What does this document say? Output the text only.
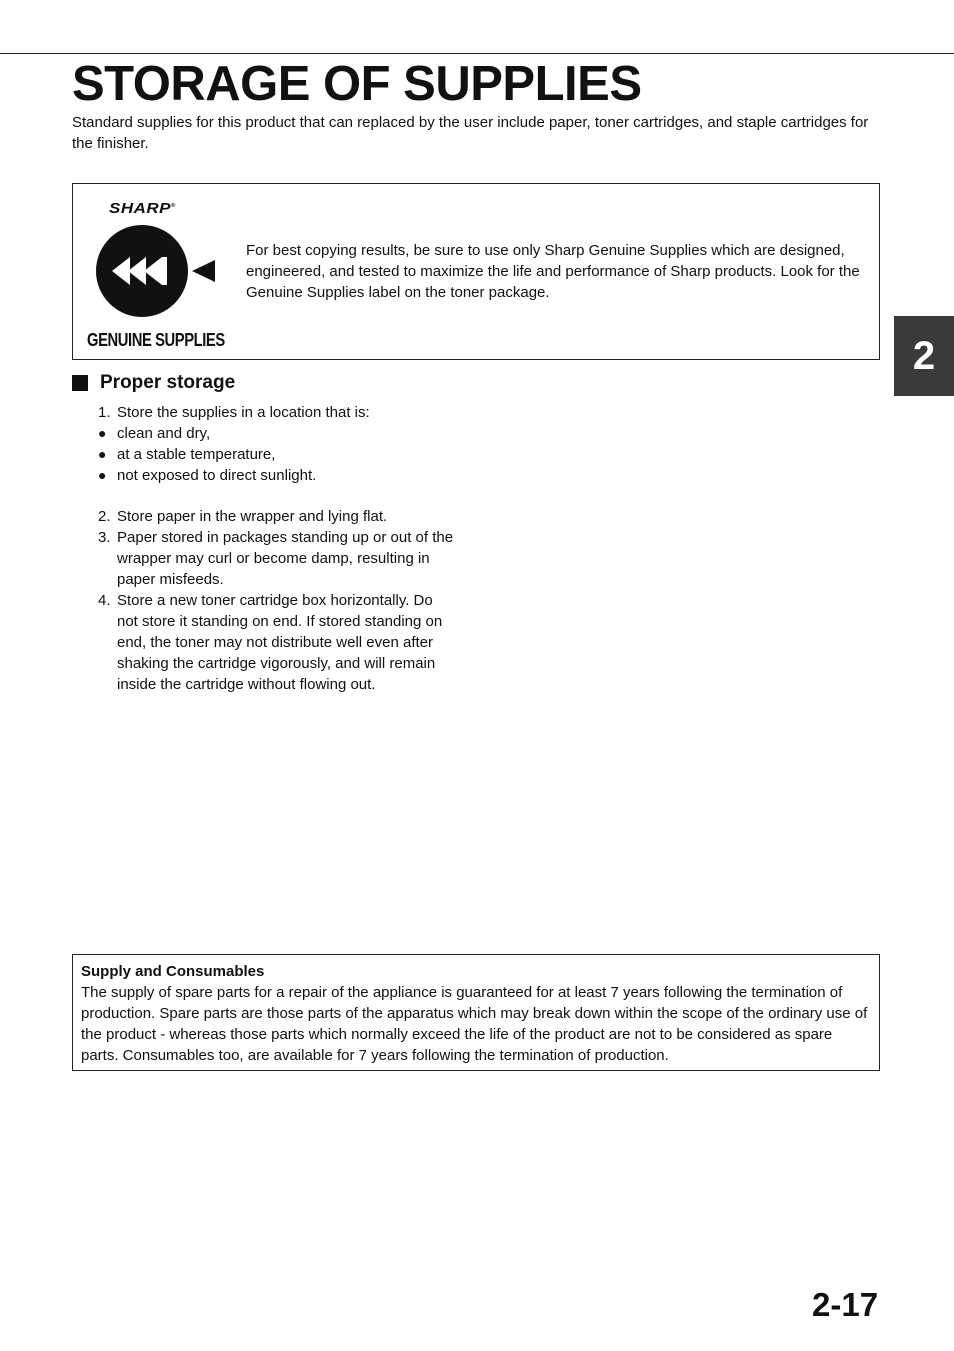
STORAGE OF SUPPLIES

Standard supplies for this product that can replaced by the user include paper, toner cartridges, and staple cartridges for the finisher.

SHARP®
GENUINE SUPPLIES

For best copying results, be sure to use only Sharp Genuine Supplies which are designed, engineered, and tested to maximize the life and performance of Sharp products. Look for the Genuine Supplies label on the toner package.

2
Proper storage
1. Store the supplies in a location that is:
● clean and dry,
● at a stable temperature,
● not exposed to direct sunlight.
2. Store paper in the wrapper and lying flat.
3. Paper stored in packages standing up or out of the wrapper may curl or become damp, resulting in paper misfeeds.
4. Store a new toner cartridge box horizontally. Do not store it standing on end. If stored standing on end, the toner may not distribute well even after shaking the cartridge vigorously, and will remain inside the cartridge without flowing out.
Supply and Consumables
The supply of spare parts for a repair of the appliance is guaranteed for at least 7 years following the termination of production. Spare parts are those parts of the apparatus which may break down within the scope of the ordinary use of the product - whereas those parts which normally exceed the life of the product are not to be considered as spare parts. Consumables too, are available for 7 years following the termination of production.
2-17
